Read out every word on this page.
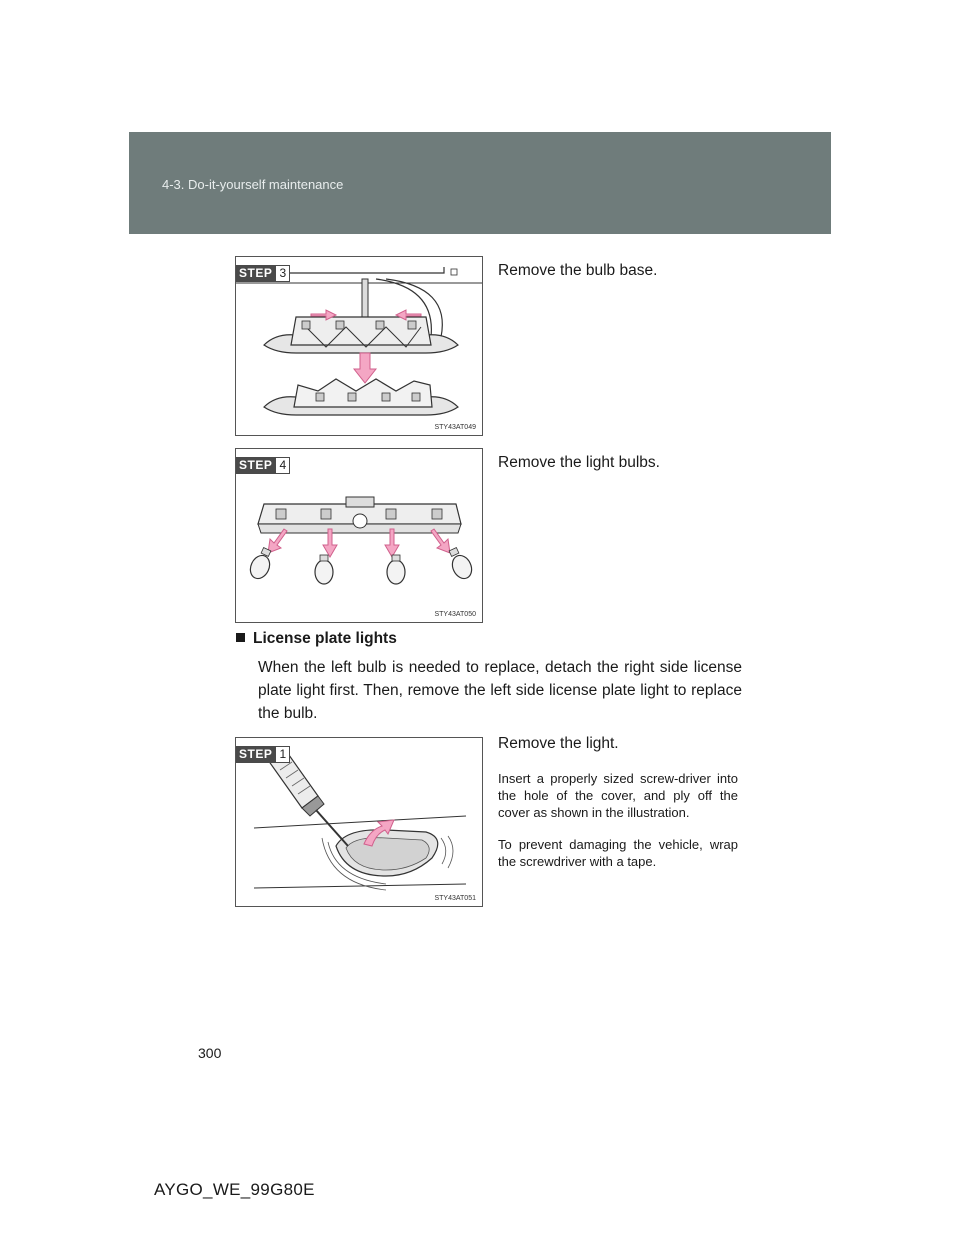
4-3. Do-it-yourself maintenance
STEP 3
STY43AT049
Remove the bulb base.
STEP 4
STY43AT050
Remove the light bulbs.
License plate lights
When the left bulb is needed to replace, detach the right side license plate light first. Then, remove the left side license plate light to replace the bulb.
STEP 1
STY43AT051
Remove the light.
Insert a properly sized screw-driver into the hole of the cover, and ply off the cover as shown in the illustration.
To prevent damaging the vehicle, wrap the screwdriver with a tape.
300
AYGO_WE_99G80E
